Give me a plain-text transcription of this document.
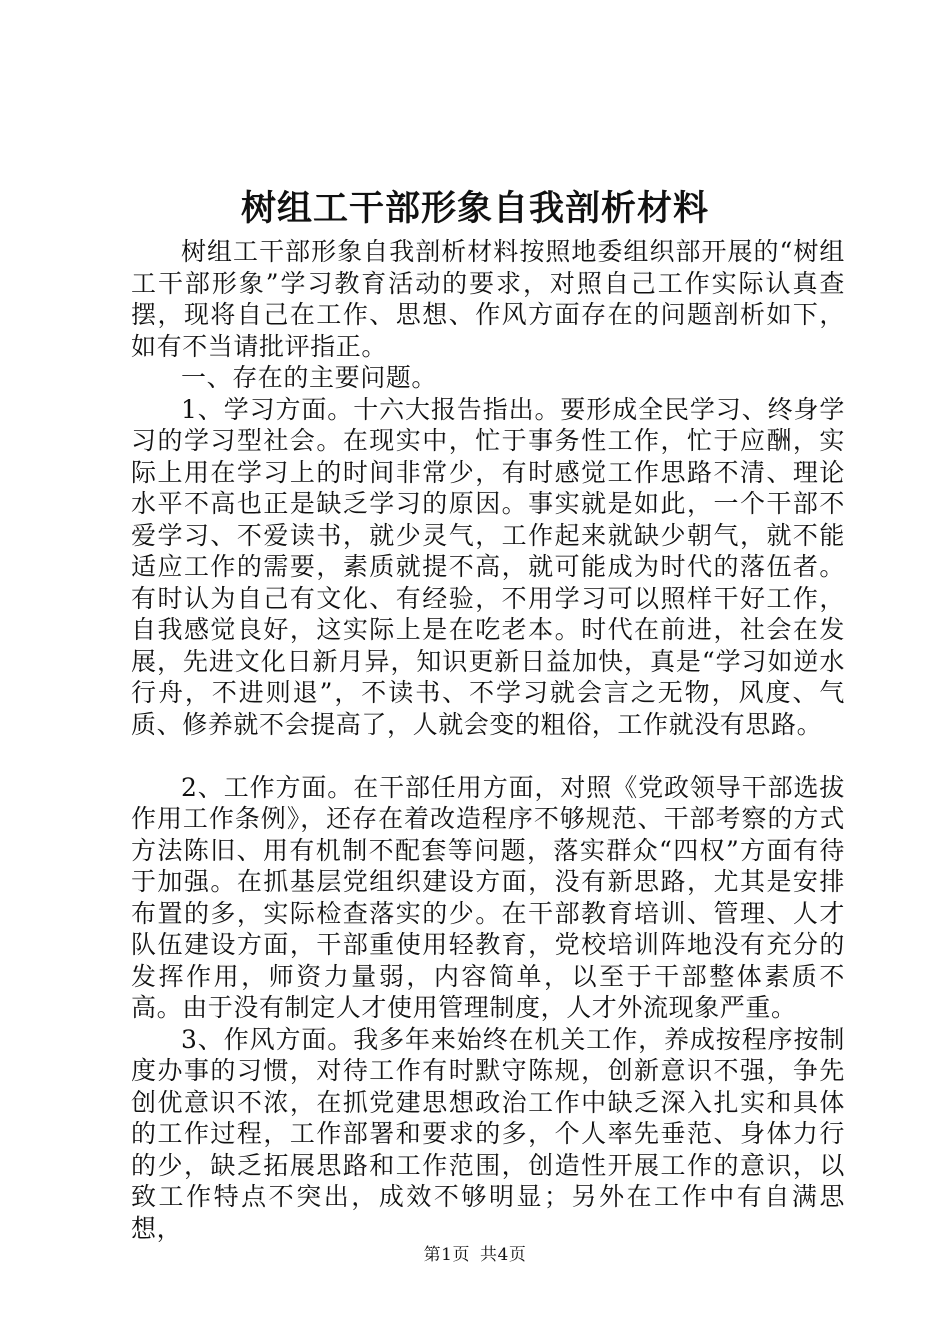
树组工干部形象自我剖析材料

树组工干部形象自我剖析材料按照地委组织部开展的“树组工干部形象”学习教育活动的要求，对照自己工作实际认真查摆，现将自己在工作、思想、作风方面存在的问题剖析如下，如有不当请批评指正。

一、存在的主要问题。

1、学习方面。十六大报告指出。要形成全民学习、终身学习的学习型社会。在现实中，忙于事务性工作，忙于应酬，实际上用在学习上的时间非常少，有时感觉工作思路不清、理论水平不高也正是缺乏学习的原因。事实就是如此，一个干部不爱学习、不爱读书，就少灵气，工作起来就缺少朝气，就不能适应工作的需要，素质就提不高，就可能成为时代的落伍者。有时认为自己有文化、有经验，不用学习可以照样干好工作，自我感觉良好，这实际上是在吃老本。时代在前进，社会在发展，先进文化日新月异，知识更新日益加快，真是“学习如逆水行舟，不进则退”，不读书、不学习就会言之无物，风度、气质、修养就不会提高了，人就会变的粗俗，工作就没有思路。

2、工作方面。在干部任用方面，对照《党政领导干部选拔作用工作条例》，还存在着改造程序不够规范、干部考察的方式方法陈旧、用有机制不配套等问题，落实群众“四权”方面有待于加强。在抓基层党组织建设方面，没有新思路，尤其是安排布置的多，实际检查落实的少。在干部教育培训、管理、人才队伍建设方面，干部重使用轻教育，党校培训阵地没有充分的发挥作用，师资力量弱，内容简单，以至于干部整体素质不高。由于没有制定人才使用管理制度，人才外流现象严重。

3、作风方面。我多年来始终在机关工作，养成按程序按制度办事的习惯，对待工作有时默守陈规，创新意识不强，争先创优意识不浓，在抓党建思想政治工作中缺乏深入扎实和具体的工作过程，工作部署和要求的多，个人率先垂范、身体力行的少，缺乏拓展思路和工作范围，创造性开展工作的意识，以致工作特点不突出，成效不够明显；另外在工作中有自满思想，

第1页 共4页
